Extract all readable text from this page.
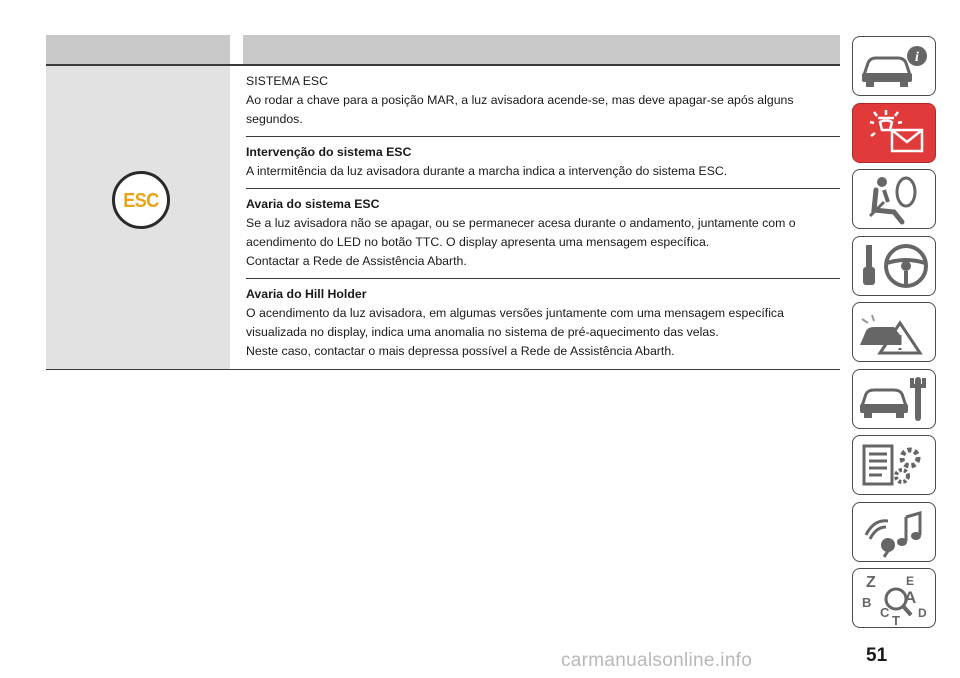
ESC
SISTEMA ESC
Ao rodar a chave para a posição MAR, a luz avisadora acende-se, mas deve apagar-se após alguns
segundos.
Intervenção do sistema ESC
A intermitência da luz avisadora durante a marcha indica a intervenção do sistema ESC.
Avaria do sistema ESC
Se a luz avisadora não se apagar, ou se permanecer acesa durante o andamento, juntamente com o
acendimento do LED no botão TTC. O display apresenta uma mensagem específica.
Contactar a Rede de Assistência Abarth.
Avaria do Hill Holder
O acendimento da luz avisadora, em algumas versões juntamente com uma mensagem específica
visualizada no display, indica uma anomalia no sistema de pré-aquecimento das velas.
Neste caso, contactar o mais depressa possível a Rede de Assistência Abarth.
i
Z	E
B A
C D
T
51
carmanualsonline.info
